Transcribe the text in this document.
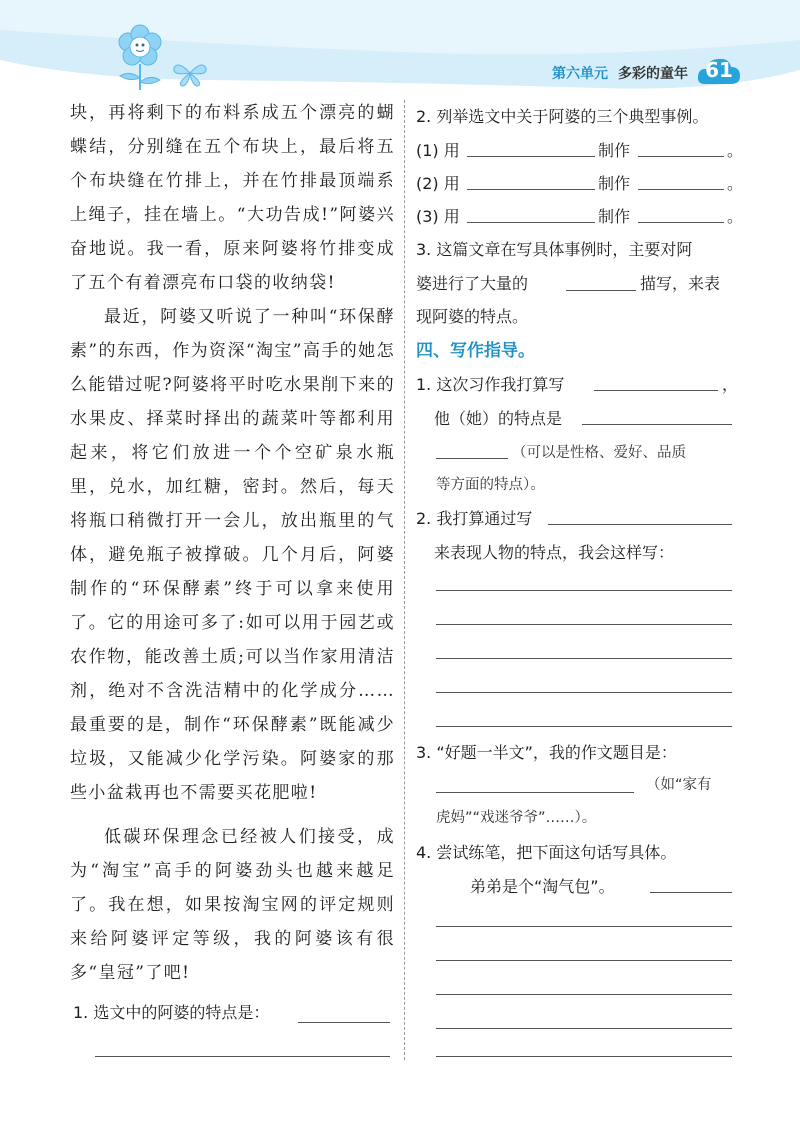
第六单元 多彩的童年 61

块，再将剩下的布料系成五个漂亮的蝴蝶结，分别缝在五个布块上，最后将五个布块缝在竹排上，并在竹排最顶端系上绳子，挂在墙上。“大功告成!”阿婆兴奋地说。我一看，原来阿婆将竹排变成了五个有着漂亮布口袋的收纳袋!

最近，阿婆又听说了一种叫“环保酵素”的东西，作为资深“淘宝”高手的她怎么能错过呢?阿婆将平时吃水果削下来的水果皮、择菜时择出的蔬菜叶等都利用起来，将它们放进一个个空矿泉水瓶里，兑水，加红糖，密封。然后，每天将瓶口稍微打开一会儿，放出瓶里的气体，避免瓶子被撑破。几个月后，阿婆制作的“环保酵素”终于可以拿来使用了。它的用途可多了:如可以用于园艺或农作物，能改善土质;可以当作家用清洁剂，绝对不含洗洁精中的化学成分……最重要的是，制作“环保酵素”既能减少垃圾，又能减少化学污染。阿婆家的那些小盆栽再也不需要买花肥啦!

低碳环保理念已经被人们接受，成为“淘宝”高手的阿婆劲头也越来越足了。我在想，如果按淘宝网的评定规则来给阿婆评定等级，我的阿婆该有很多“皇冠”了吧!

1. 选文中的阿婆的特点是：
2. 列举选文中关于阿婆的三个典型事例。
(1) 用	制作	。
(2) 用	制作	。
(3) 用	制作	。
3. 这篇文章在写具体事例时，主要对阿
婆进行了大量的	描写，来表
现阿婆的特点。
四、写作指导。
1. 这次习作我打算写	，
他（她）的特点是
（可以是性格、爱好、品质
等方面的特点）。
2. 我打算通过写
来表现人物的特点，我会这样写：
3. “好题一半文”，我的作文题目是：
（如“家有
虎妈”“戏迷爷爷”……）。
4. 尝试练笔，把下面这句话写具体。
弟弟是个“淘气包”。
